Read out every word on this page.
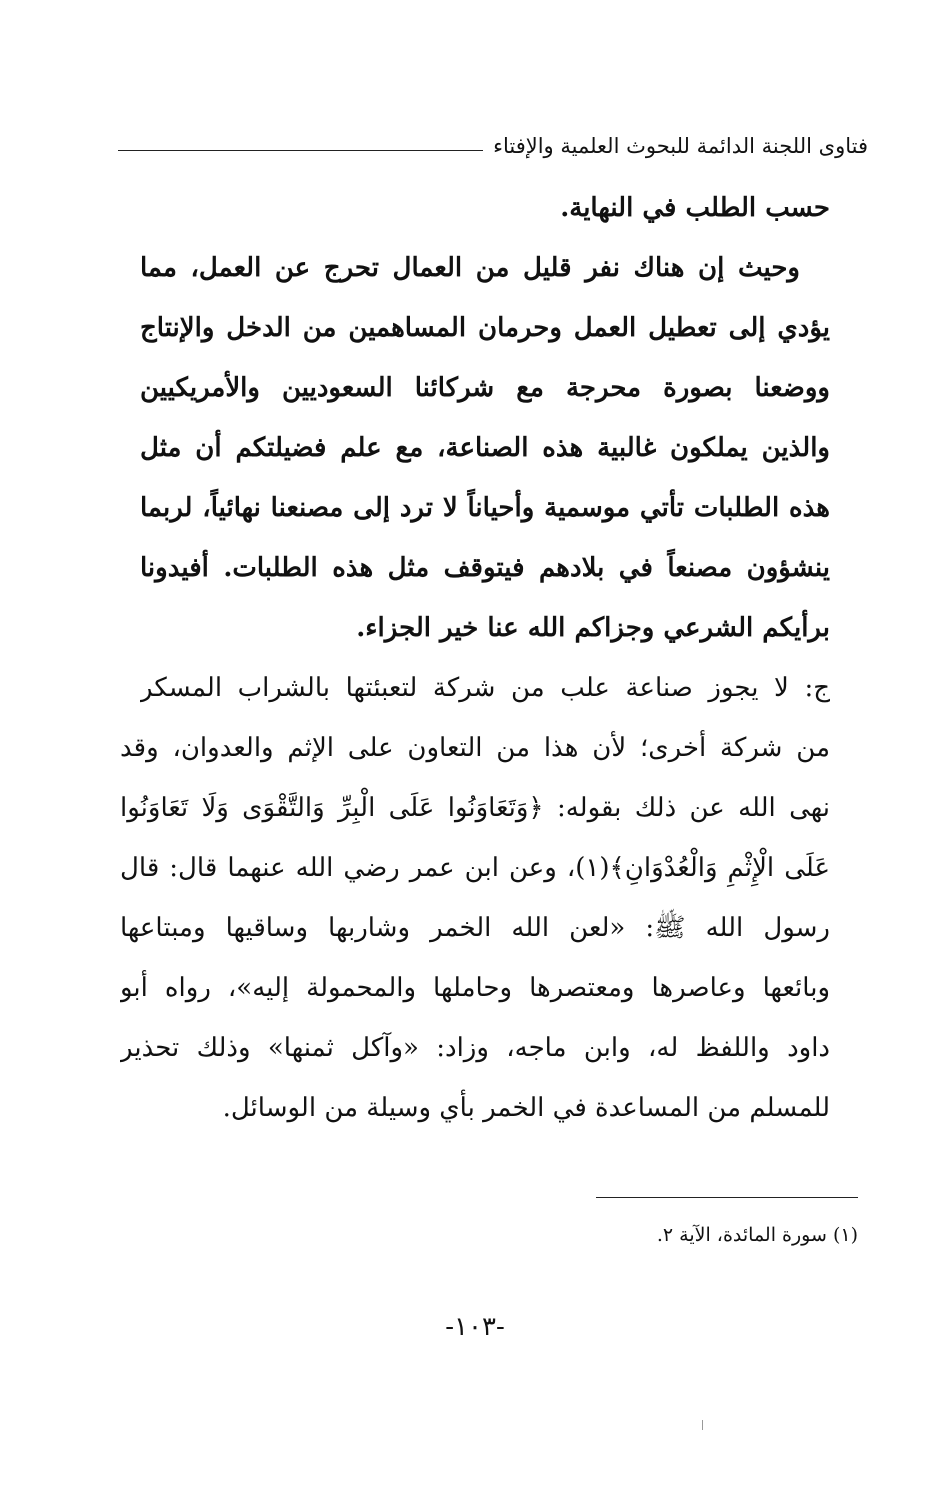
فتاوى اللجنة الدائمة للبحوث العلمية والإفتاء
حسب الطلب في النهاية.
وحيث إن هناك نفر قليل من العمال تحرج عن العمل، مما
يؤدي إلى تعطيل العمل وحرمان المساهمين من الدخل والإنتاج
ووضعنا بصورة محرجة مع شركائنا السعوديين والأمريكيين
والذين يملكون غالبية هذه الصناعة، مع علم فضيلتكم أن مثل
هذه الطلبات تأتي موسمية وأحياناً لا ترد إلى مصنعنا نهائياً، لربما
ينشؤون مصنعاً في بلادهم فيتوقف مثل هذه الطلبات. أفيدونا
برأيكم الشرعي وجزاكم الله عنا خير الجزاء.
ج: لا يجوز صناعة علب من شركة لتعبئتها بالشراب المسكر
من شركة أخرى؛ لأن هذا من التعاون على الإثم والعدوان، وقد
نهى الله عن ذلك بقوله: ﴿وَتَعَاوَنُوا عَلَى الْبِرِّ وَالتَّقْوَى وَلَا تَعَاوَنُوا
عَلَى الْإِثْمِ وَالْعُدْوَانِ﴾(١)، وعن ابن عمر رضي الله عنهما قال: قال
رسول الله ﷺ: «لعن الله الخمر وشاربها وساقيها ومبتاعها
وبائعها وعاصرها ومعتصرها وحاملها والمحمولة إليه»، رواه أبو
داود واللفظ له، وابن ماجه، وزاد: «وآكل ثمنها» وذلك تحذير
للمسلم من المساعدة في الخمر بأي وسيلة من الوسائل.
(١) سورة المائدة، الآية ٢.
-١٠٣-
